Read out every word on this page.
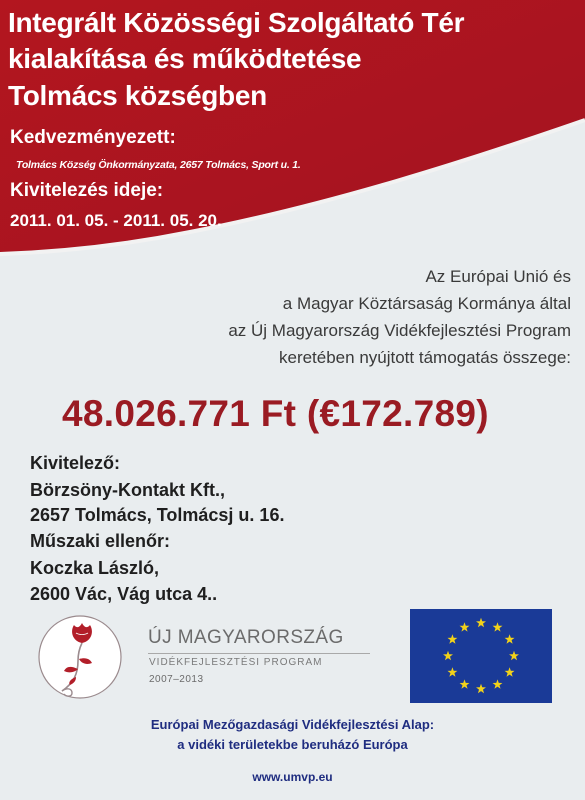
Integrált Közösségi Szolgáltató Tér
kialakítása és működtetése
Tolmács községben
Kedvezményezett:
Tolmács Község Önkormányzata, 2657 Tolmács, Sport u. 1.
Kivitelezés ideje:
2011. 01. 05. - 2011. 05. 20.
Az Európai Unió és
a Magyar Köztársaság Kormánya által
az Új Magyarország Vidékfejlesztési Program
keretében nyújtott támogatás összege:
48.026.771 Ft (€172.789)
Kivitelező:
Börzsöny-Kontakt Kft.,
2657 Tolmács, Tolmácsj u. 16.
Műszaki ellenőr:
Koczka László,
2600 Vác, Vág utca 4..
ÚJ MAGYARORSZÁG
VIDÉKFEJLESZTÉSI PROGRAM
2007–2013
Európai Mezőgazdasági Vidékfejlesztési Alap:
a vidéki területekbe beruházó Európa
www.umvp.eu
